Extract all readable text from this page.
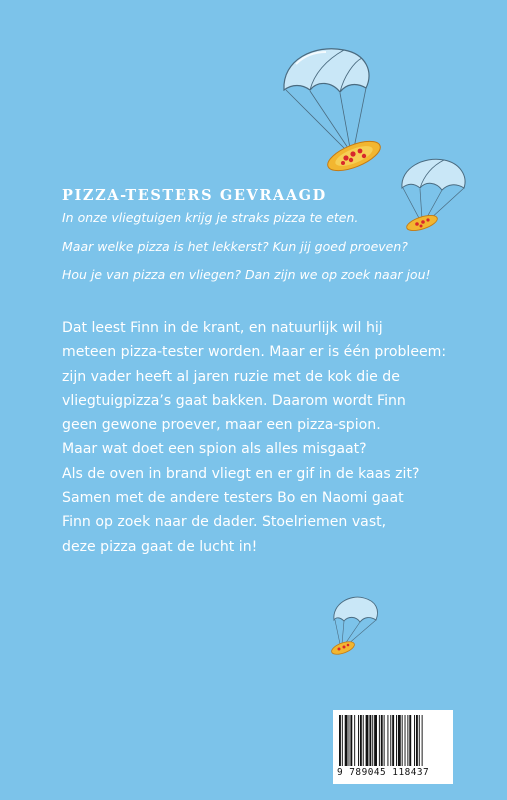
PIZZA-TESTERS GEVRAAGD

In onze vliegtuigen krijg je straks pizza te eten.

Maar welke pizza is het lekkerst? Kun jij goed proeven?

Hou je van pizza en vliegen? Dan zijn we op zoek naar jou!

Dat leest Finn in de krant, en natuurlijk wil hij
meteen pizza-tester worden. Maar er is één probleem:
zijn vader heeft al jaren ruzie met de kok die de
vliegtuigpizza’s gaat bakken. Daarom wordt Finn
geen gewone proever, maar een pizza-spion.
Maar wat doet een spion als alles misgaat?
Als de oven in brand vliegt en er gif in de kaas zit?
Samen met de andere testers Bo en Naomi gaat
Finn op zoek naar de dader. Stoelriemen vast,
deze pizza gaat de lucht in!
9 789045 118437
